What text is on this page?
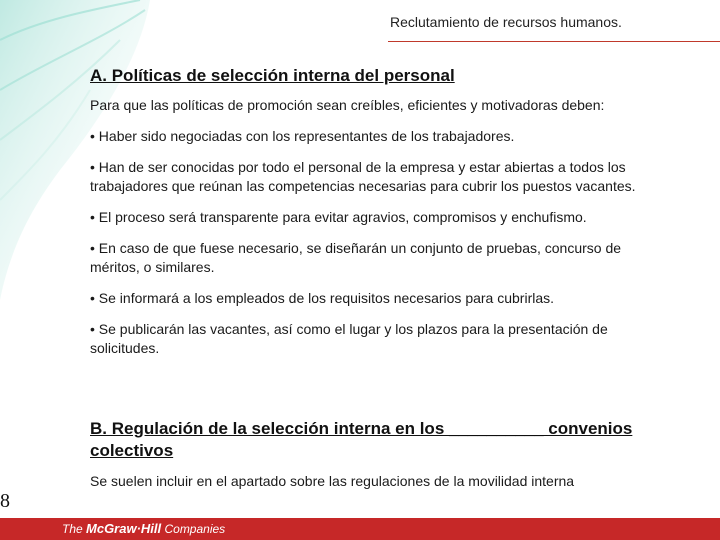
Reclutamiento de recursos humanos.

A. Políticas de selección interna del personal

Para que las políticas de promoción sean creíbles, eficientes y motivadoras deben:

• Haber sido negociadas con los representantes de los trabajadores.

• Han de ser conocidas por todo el personal de la empresa y estar abiertas a todos los trabajadores que reúnan las competencias necesarias para cubrir los puestos vacantes.

• El proceso será transparente para evitar agravios, compromisos y enchufismo.

• En caso de que fuese necesario, se diseñarán un conjunto de pruebas, concurso de méritos, o similares.

• Se informará a los empleados de los requisitos necesarios para cubrirlas.

• Se publicarán las vacantes, así como el lugar y los plazos para la presentación de solicitudes.

B. Regulación de la selección interna en los __________ convenios colectivos
Se suelen incluir en el apartado sobre las regulaciones de la movilidad interna
8
The McGraw·Hill Companies
